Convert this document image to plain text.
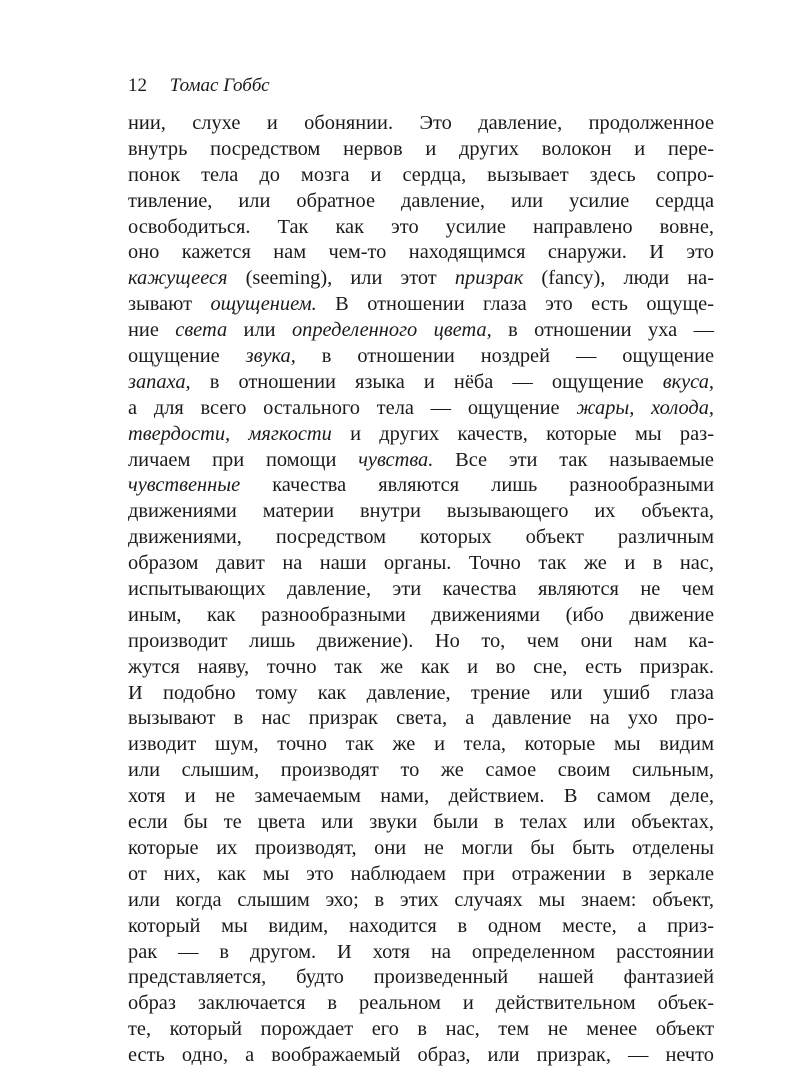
12 Томас Гоббс
нии, слухе и обонянии. Это давление, продолженное
внутрь посредством нервов и других волокон и пере-
понок тела до мозга и сердца, вызывает здесь сопро-
тивление, или обратное давление, или усилие сердца
освободиться. Так как это усилие направлено вовне,
оно кажется нам чем-то находящимся снаружи. И это
кажущееся (seeming), или этот призрак (fancy), люди на-
зывают ощущением. В отношении глаза это есть ощуще-
ние света или определенного цвета, в отношении уха —
ощущение звука, в отношении ноздрей — ощущение
запаха, в отношении языка и нёба — ощущение вкуса,
а для всего остального тела — ощущение жары, холода,
твердости, мягкости и других качеств, которые мы раз-
личаем при помощи чувства. Все эти так называемые
чувственные качества являются лишь разнообразными
движениями материи внутри вызывающего их объекта,
движениями, посредством которых объект различным
образом давит на наши органы. Точно так же и в нас,
испытывающих давление, эти качества являются не чем
иным, как разнообразными движениями (ибо движение
производит лишь движение). Но то, чем они нам ка-
жутся наяву, точно так же как и во сне, есть призрак.
И подобно тому как давление, трение или ушиб глаза
вызывают в нас призрак света, а давление на ухо про-
изводит шум, точно так же и тела, которые мы видим
или слышим, производят то же самое своим сильным,
хотя и не замечаемым нами, действием. В самом деле,
если бы те цвета или звуки были в телах или объектах,
которые их производят, они не могли бы быть отделены
от них, как мы это наблюдаем при отражении в зеркале
или когда слышим эхо; в этих случаях мы знаем: объект,
который мы видим, находится в одном месте, а приз-
рак — в другом. И хотя на определенном расстоянии
представляется, будто произведенный нашей фантазией
образ заключается в реальном и действительном объек-
те, который порождает его в нас, тем не менее объект
есть одно, а воображаемый образ, или призрак, — нечто
